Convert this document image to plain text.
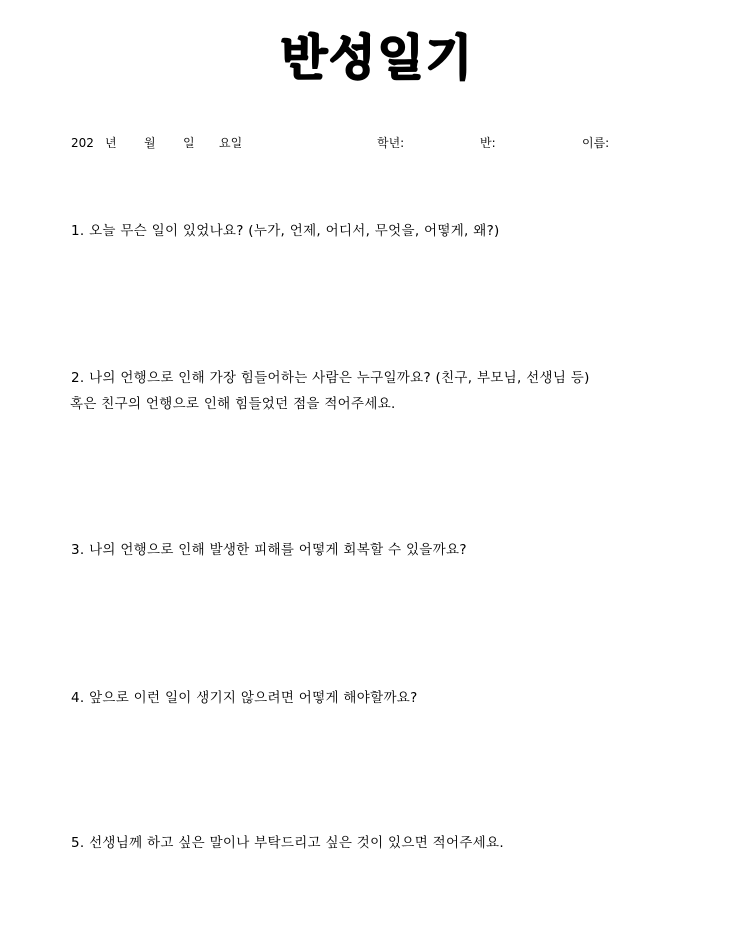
반성일기
202 년 월 일 요일	학년:	반:	이름:
1. 오늘 무슨 일이 있었나요? (누가, 언제, 어디서, 무엇을, 어떻게, 왜?)
2. 나의 언행으로 인해 가장 힘들어하는 사람은 누구일까요? (친구, 부모님, 선생님 등)
혹은 친구의 언행으로 인해 힘들었던 점을 적어주세요.
3. 나의 언행으로 인해 발생한 피해를 어떻게 회복할 수 있을까요?
4. 앞으로 이런 일이 생기지 않으려면 어떻게 해야할까요?
5. 선생님께 하고 싶은 말이나 부탁드리고 싶은 것이 있으면 적어주세요.
